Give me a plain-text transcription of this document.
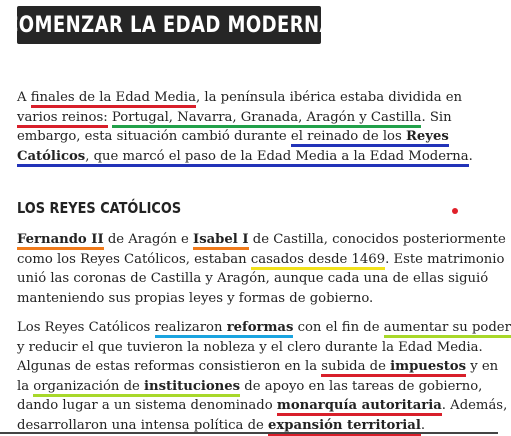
COMENZAR LA EDAD MODERNA

A finales de la Edad Media, la península ibérica estaba dividida en
varios reinos: Portugal, Navarra, Granada, Aragón y Castilla. Sin
embargo, esta situación cambió durante el reinado de los Reyes
Católicos, que marcó el paso de la Edad Media a la Edad Moderna.

LOS REYES CATÓLICOS

Fernando II de Aragón e Isabel I de Castilla, conocidos posteriormente
como los Reyes Católicos, estaban casados desde 1469. Este matrimonio
unió las coronas de Castilla y Aragón, aunque cada una de ellas siguió
manteniendo sus propias leyes y formas de gobierno.

Los Reyes Católicos realizaron reformas con el fin de aumentar su poder
y reducir el que tuvieron la nobleza y el clero durante la Edad Media.
Algunas de estas reformas consistieron en la subida de impuestos y en
la organización de instituciones de apoyo en las tareas de gobierno,
dando lugar a un sistema denominado monarquía autoritaria. Además,
desarrollaron una intensa política de expansión territorial.
